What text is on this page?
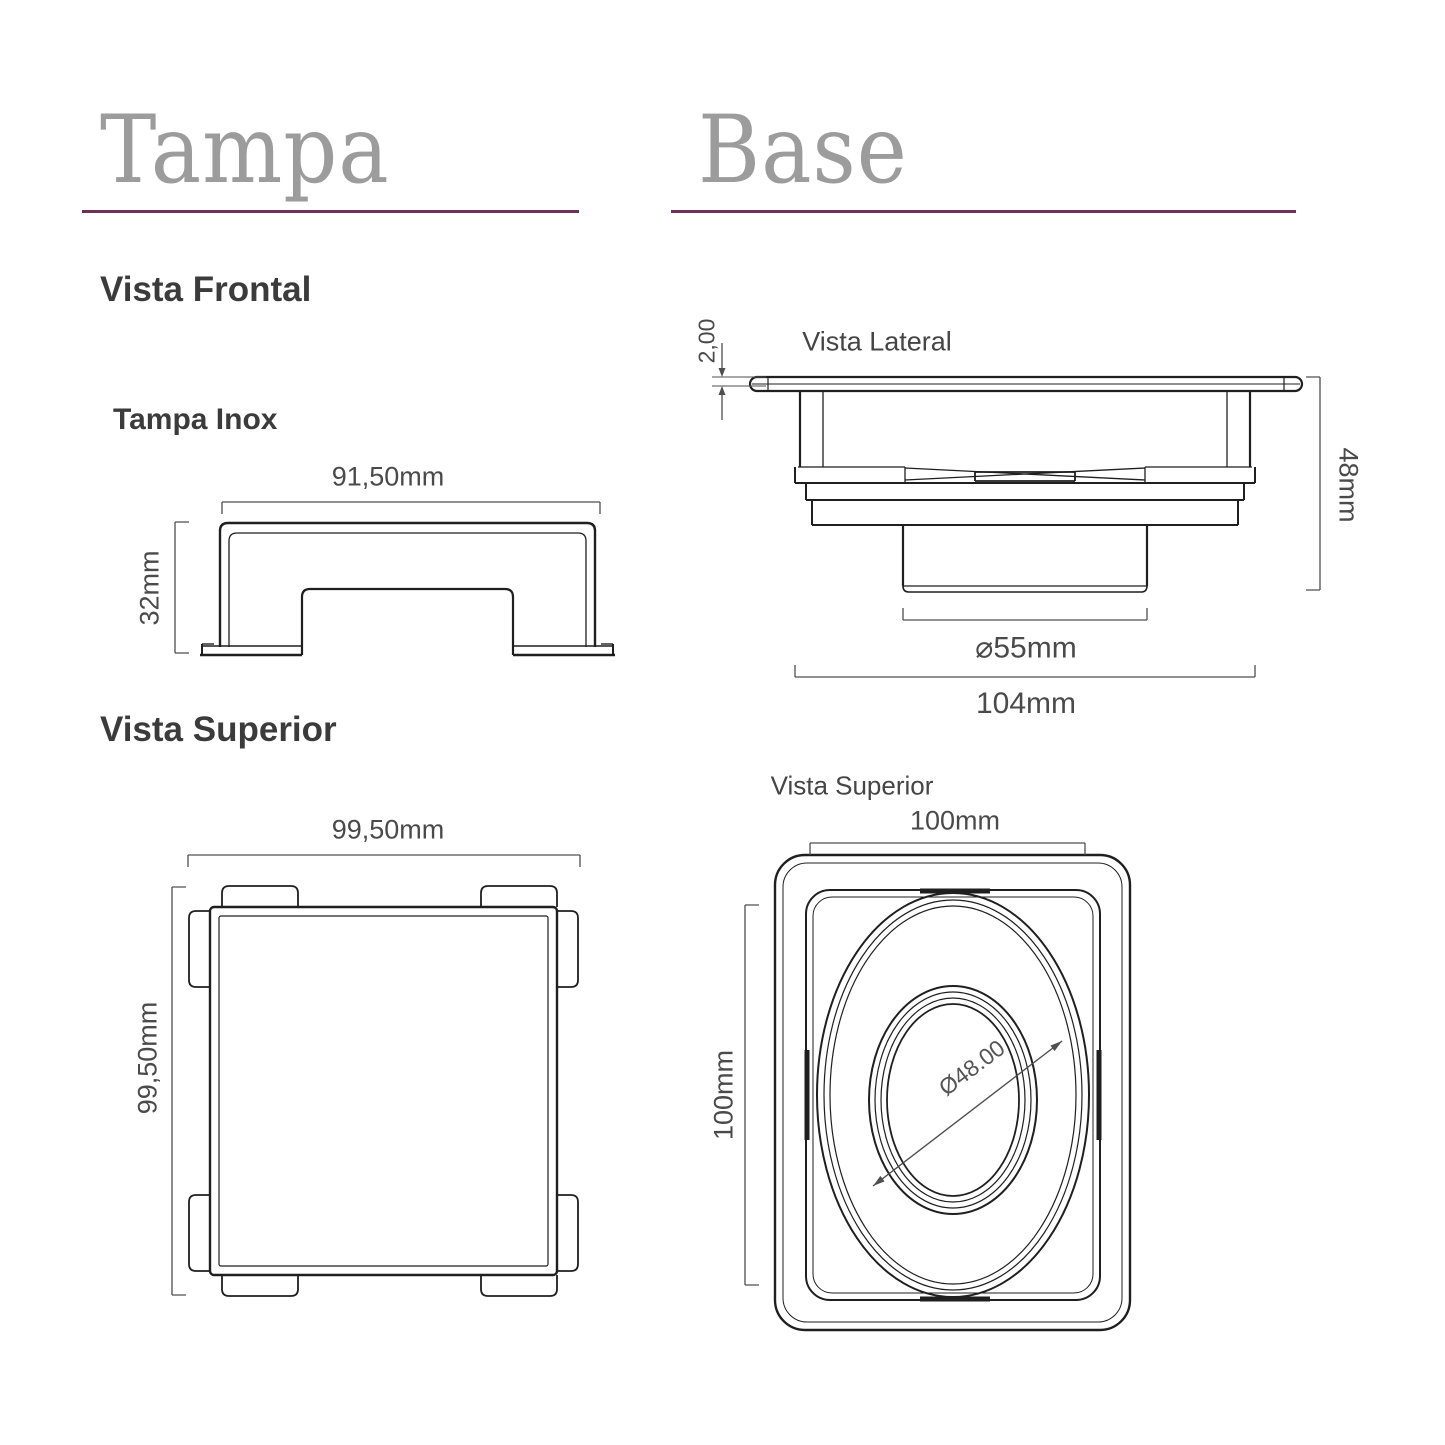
Tampa	Base
Vista Frontal
Tampa Inox
Vista Superior
91,50mm
32mm
99,50mm
99,50mm
2,00	Vista Lateral
48mm
⌀55mm
104mm
Vista Superior
100mm
100mm	Ø48.00
